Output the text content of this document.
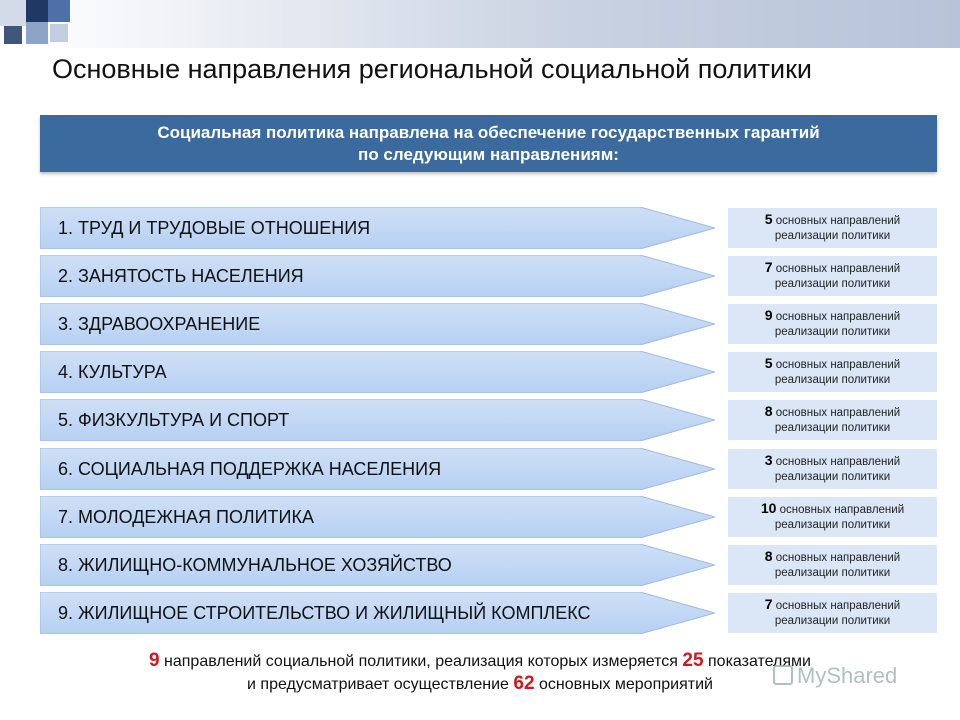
Основные направления региональной социальной политики
Социальная политика направлена на обеспечение государственных гарантий
по следующим направлениям:
1. ТРУД И ТРУДОВЫЕ ОТНОШЕНИЯ	5 основных направлений
реализации политики
2. ЗАНЯТОСТЬ НАСЕЛЕНИЯ	7 основных направлений
реализации политики
3. ЗДРАВООХРАНЕНИЕ	9 основных направлений
реализации политики
4. КУЛЬТУРА	5 основных направлений
реализации политики
5. ФИЗКУЛЬТУРА И СПОРТ	8 основных направлений
реализации политики
6. СОЦИАЛЬНАЯ ПОДДЕРЖКА НАСЕЛЕНИЯ	3 основных направлений
реализации политики
7. МОЛОДЕЖНАЯ ПОЛИТИКА	10 основных направлений
реализации политики
8. ЖИЛИЩНО-КОММУНАЛЬНОЕ ХОЗЯЙСТВО	8 основных направлений
реализации политики
9. ЖИЛИЩНОЕ СТРОИТЕЛЬСТВО И ЖИЛИЩНЫЙ КОМПЛЕКС	7 основных направлений
реализации политики
9 направлений социальной политики, реализация которых измеряется 25 показателями
и предусматривает осуществление 62 основных мероприятий	MyShared
